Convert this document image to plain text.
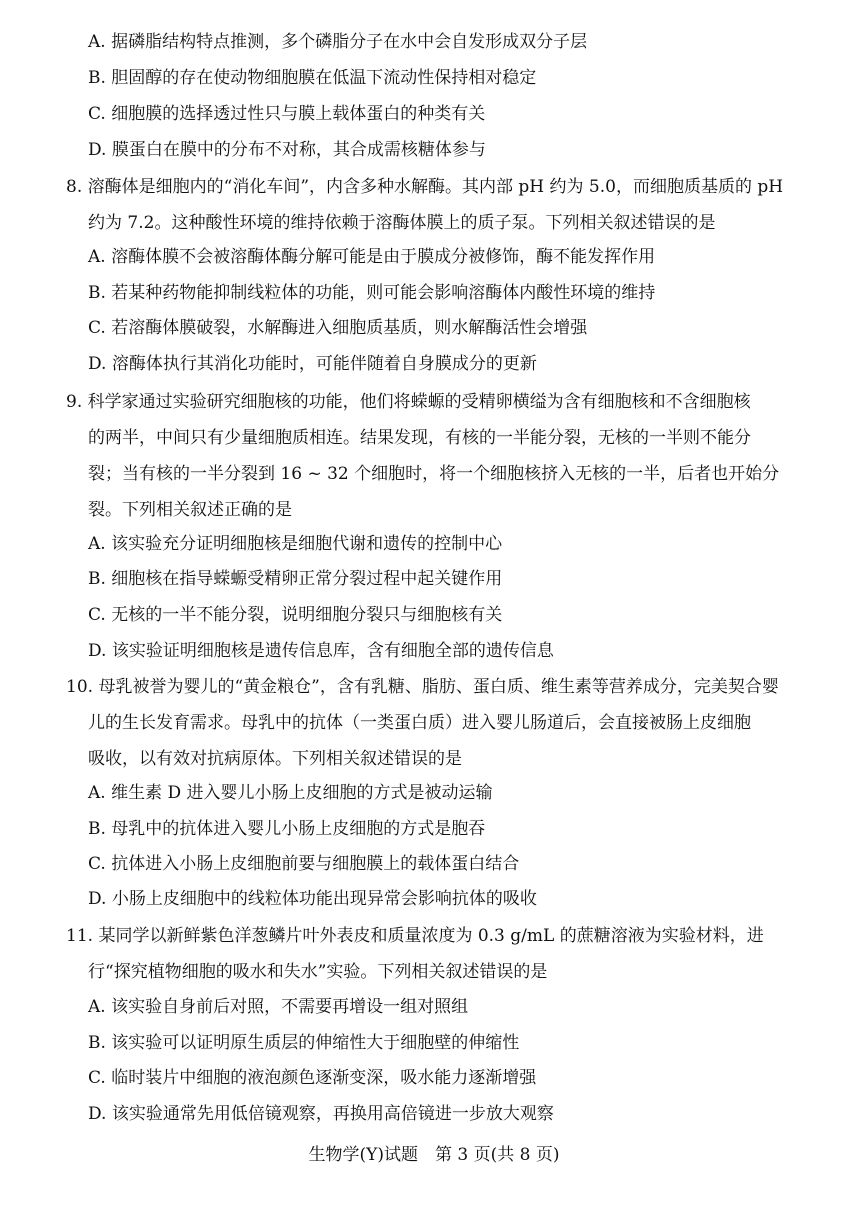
A. 据磷脂结构特点推测，多个磷脂分子在水中会自发形成双分子层
B. 胆固醇的存在使动物细胞膜在低温下流动性保持相对稳定
C. 细胞膜的选择透过性只与膜上载体蛋白的种类有关
D. 膜蛋白在膜中的分布不对称，其合成需核糖体参与
8. 溶酶体是细胞内的“消化车间”，内含多种水解酶。其内部 pH 约为 5.0，而细胞质基质的 pH
约为 7.2。这种酸性环境的维持依赖于溶酶体膜上的质子泵。下列相关叙述错误的是
A. 溶酶体膜不会被溶酶体酶分解可能是由于膜成分被修饰，酶不能发挥作用
B. 若某种药物能抑制线粒体的功能，则可能会影响溶酶体内酸性环境的维持
C. 若溶酶体膜破裂，水解酶进入细胞质基质，则水解酶活性会增强
D. 溶酶体执行其消化功能时，可能伴随着自身膜成分的更新
9. 科学家通过实验研究细胞核的功能，他们将蝾螈的受精卵横缢为含有细胞核和不含细胞核
的两半，中间只有少量细胞质相连。结果发现，有核的一半能分裂，无核的一半则不能分
裂；当有核的一半分裂到 16 ~ 32 个细胞时，将一个细胞核挤入无核的一半，后者也开始分
裂。下列相关叙述正确的是
A. 该实验充分证明细胞核是细胞代谢和遗传的控制中心
B. 细胞核在指导蝾螈受精卵正常分裂过程中起关键作用
C. 无核的一半不能分裂，说明细胞分裂只与细胞核有关
D. 该实验证明细胞核是遗传信息库，含有细胞全部的遗传信息
10. 母乳被誉为婴儿的“黄金粮仓”，含有乳糖、脂肪、蛋白质、维生素等营养成分，完美契合婴
儿的生长发育需求。母乳中的抗体（一类蛋白质）进入婴儿肠道后，会直接被肠上皮细胞
吸收，以有效对抗病原体。下列相关叙述错误的是
A. 维生素 D 进入婴儿小肠上皮细胞的方式是被动运输
B. 母乳中的抗体进入婴儿小肠上皮细胞的方式是胞吞
C. 抗体进入小肠上皮细胞前要与细胞膜上的载体蛋白结合
D. 小肠上皮细胞中的线粒体功能出现异常会影响抗体的吸收
11. 某同学以新鲜紫色洋葱鳞片叶外表皮和质量浓度为 0.3 g/mL 的蔗糖溶液为实验材料，进
行“探究植物细胞的吸水和失水”实验。下列相关叙述错误的是
A. 该实验自身前后对照，不需要再增设一组对照组
B. 该实验可以证明原生质层的伸缩性大于细胞壁的伸缩性
C. 临时装片中细胞的液泡颜色逐渐变深，吸水能力逐渐增强
D. 该实验通常先用低倍镜观察，再换用高倍镜进一步放大观察
生物学(Y)试题　第 3 页(共 8 页)
